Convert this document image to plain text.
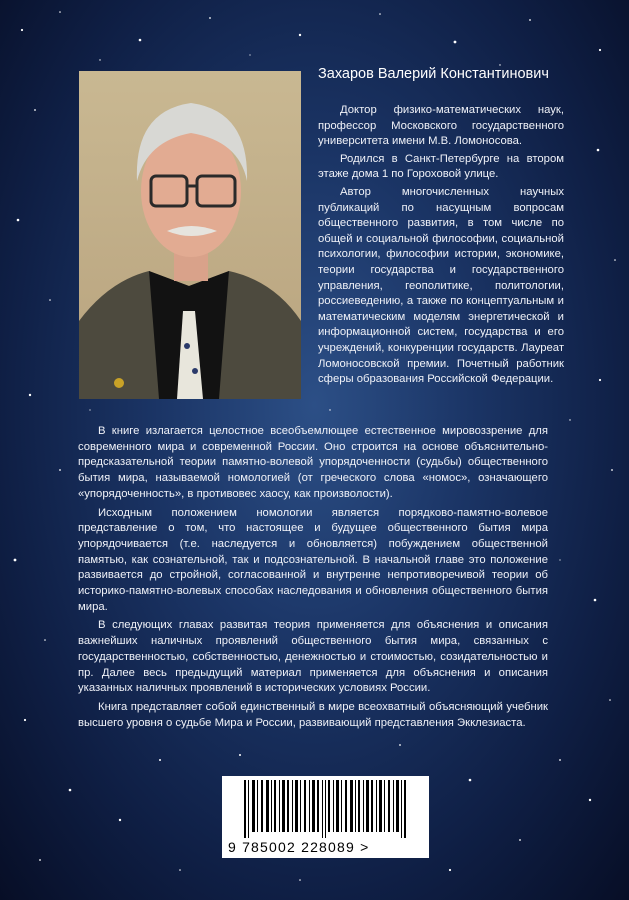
Захаров Валерий Константинович

Доктор физико-математических наук, профессор Московского государственного университета имени М.В. Ломоносова.

Родился в Санкт-Петербурге на втором этаже дома 1 по Гороховой улице.

Автор многочисленных научных публикаций по насущным вопросам общественного развития, в том числе по общей и социальной философии, социальной психологии, философии истории, экономике, теории государства и государственного управления, геополитике, политологии, россиеведению, а также по концептуальным и математическим моделям энергетической и информационной систем, государства и его учреждений, конкуренции государств. Лауреат Ломоносовской премии. Почетный работник сферы образования Российской Федерации.

В книге излагается целостное всеобъемлющее естественное мировоззрение для современного мира и современной России. Оно строится на основе объяснительно-предсказательной теории памятно-волевой упорядоченности (судьбы) общественного бытия мира, называемой номологией (от греческого слова «номос», означающего «упорядоченность», в противовес хаосу, как произволости).

Исходным положением номологии является порядково-памятно-волевое представление о том, что настоящее и будущее общественного бытия мира упорядочивается (т.е. наследуется и обновляется) побуждением общественной памятью, как сознательной, так и подсознательной. В начальной главе это положение развивается до стройной, согласованной и внутренне непротиворечивой теории об историко-памятно-волевых способах наследования и обновления общественного бытия мира.

В следующих главах развитая теория применяется для объяснения и описания важнейших наличных проявлений общественного бытия мира, связанных с государственностью, собственностью, денежностью и стоимостью, созидательностью и пр. Далее весь предыдущий материал применяется для объяснения и описания указанных наличных проявлений в исторических условиях России.

Книга представляет собой единственный в мире всеохватный объясняющий учебник высшего уровня о судьбе Мира и России, развивающий представления Экклезиаста.

9 785002 228089 >
